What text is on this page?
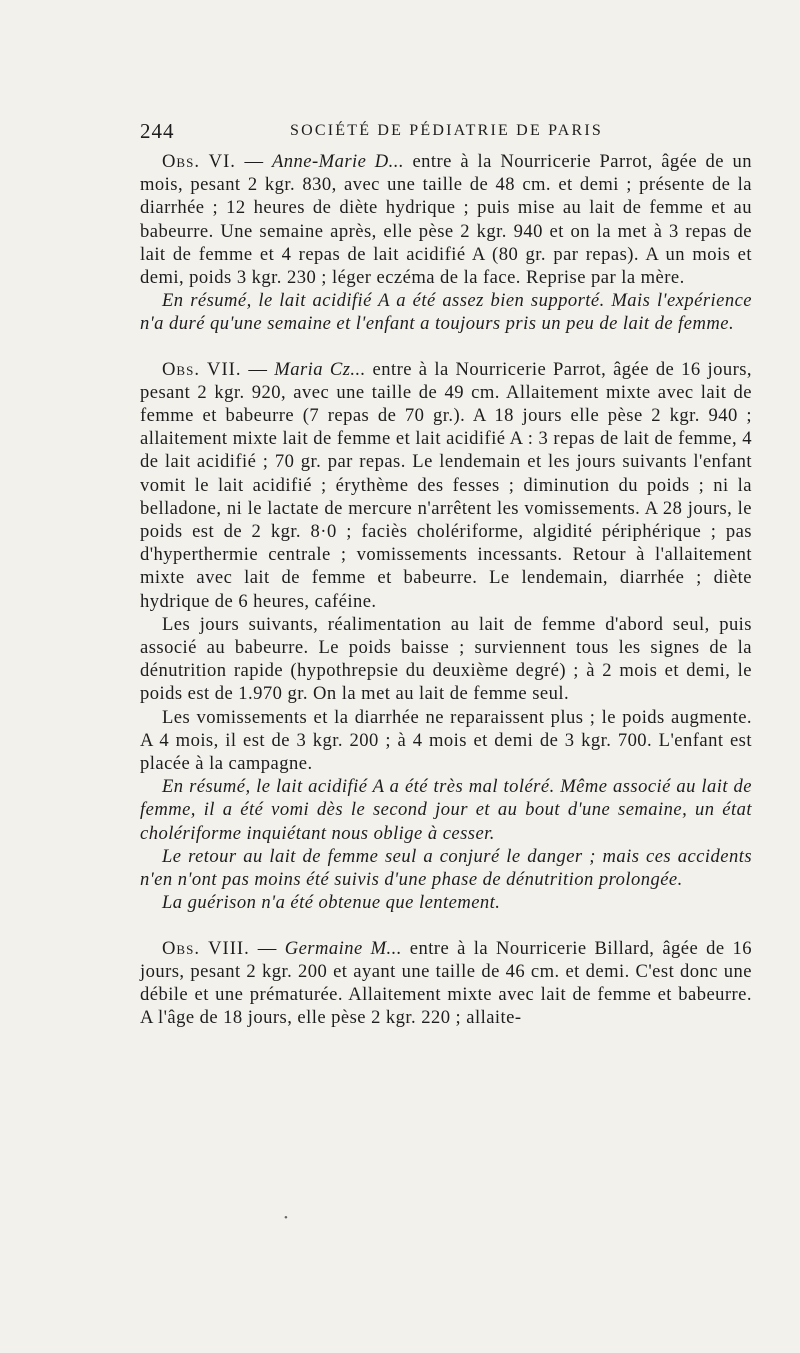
244	SOCIÉTÉ DE PÉDIATRIE DE PARIS

Obs. VI. — Anne-Marie D... entre à la Nourricerie Parrot, âgée de un mois, pesant 2 kgr. 830, avec une taille de 48 cm. et demi ; présente de la diarrhée ; 12 heures de diète hydrique ; puis mise au lait de femme et au babeurre. Une semaine après, elle pèse 2 kgr. 940 et on la met à 3 repas de lait de femme et 4 repas de lait acidifié A (80 gr. par repas). A un mois et demi, poids 3 kgr. 230 ; léger eczéma de la face. Reprise par la mère.

En résumé, le lait acidifié A a été assez bien supporté. Mais l'expérience n'a duré qu'une semaine et l'enfant a toujours pris un peu de lait de femme.

Obs. VII. — Maria Cz... entre à la Nourricerie Parrot, âgée de 16 jours, pesant 2 kgr. 920, avec une taille de 49 cm. Allaitement mixte avec lait de femme et babeurre (7 repas de 70 gr.). A 18 jours elle pèse 2 kgr. 940 ; allaitement mixte lait de femme et lait acidifié A : 3 repas de lait de femme, 4 de lait acidifié ; 70 gr. par repas. Le lendemain et les jours suivants l'enfant vomit le lait acidifié ; érythème des fesses ; diminution du poids ; ni la belladone, ni le lactate de mercure n'arrêtent les vomissements. A 28 jours, le poids est de 2 kgr. 8·0 ; faciès cholériforme, algidité périphérique ; pas d'hyperthermie centrale ; vomissements incessants. Retour à l'allaitement mixte avec lait de femme et babeurre. Le lendemain, diarrhée ; diète hydrique de 6 heures, caféine.

Les jours suivants, réalimentation au lait de femme d'abord seul, puis associé au babeurre. Le poids baisse ; surviennent tous les signes de la dénutrition rapide (hypothrepsie du deuxième degré) ; à 2 mois et demi, le poids est de 1.970 gr. On la met au lait de femme seul.

Les vomissements et la diarrhée ne reparaissent plus ; le poids augmente. A 4 mois, il est de 3 kgr. 200 ; à 4 mois et demi de 3 kgr. 700. L'enfant est placée à la campagne.

En résumé, le lait acidifié A a été très mal toléré. Même associé au lait de femme, il a été vomi dès le second jour et au bout d'une semaine, un état cholériforme inquiétant nous oblige à cesser.

Le retour au lait de femme seul a conjuré le danger ; mais ces accidents n'en n'ont pas moins été suivis d'une phase de dénutrition prolongée.

La guérison n'a été obtenue que lentement.

Obs. VIII. — Germaine M... entre à la Nourricerie Billard, âgée de 16 jours, pesant 2 kgr. 200 et ayant une taille de 46 cm. et demi. C'est donc une débile et une prématurée. Allaitement mixte avec lait de femme et babeurre. A l'âge de 18 jours, elle pèse 2 kgr. 220 ; allaite-

•
